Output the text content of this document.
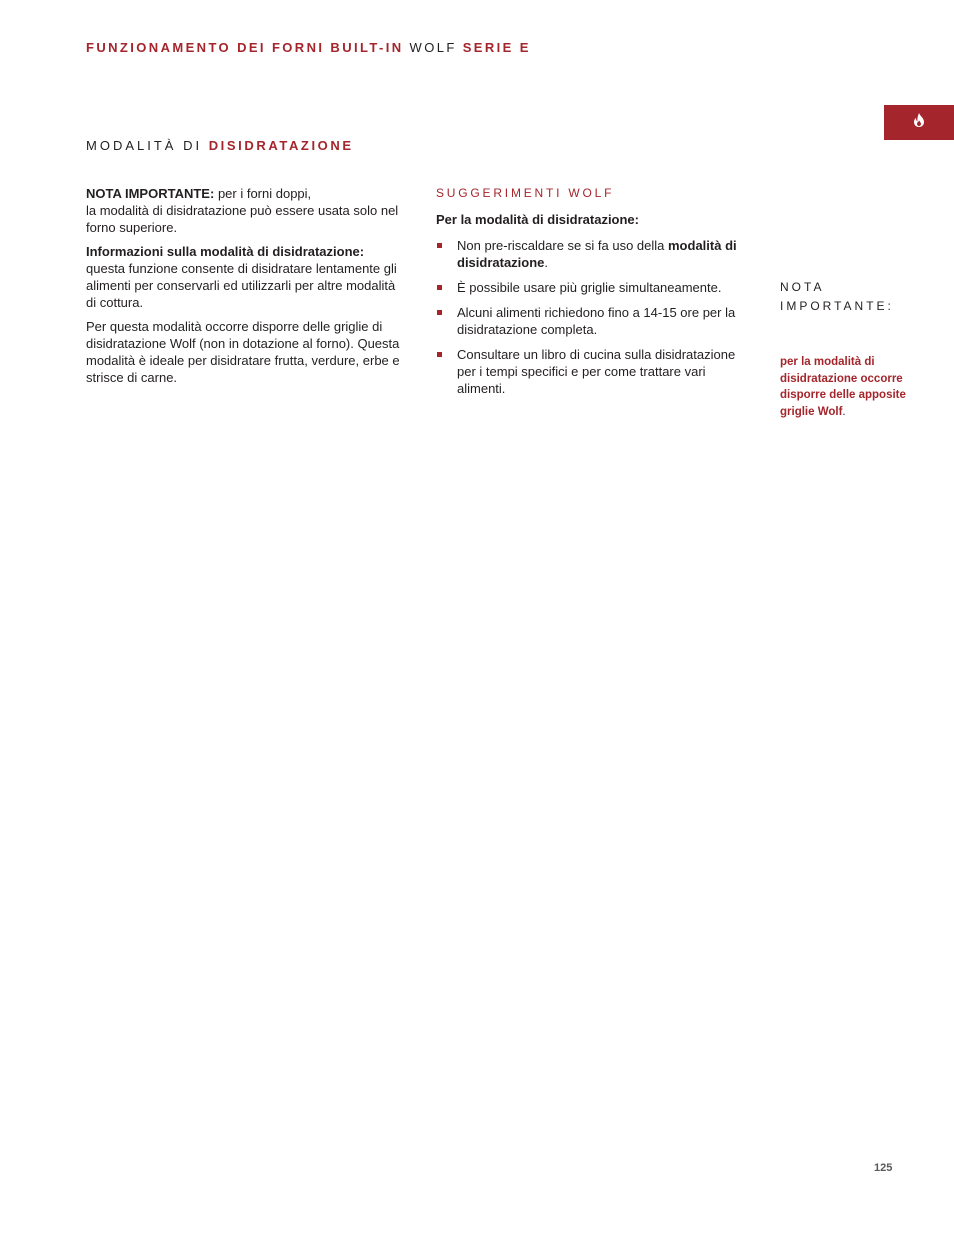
FUNZIONAMENTO DEI FORNI BUILT-IN WOLF SERIE E
MODALITÀ DI DISIDRATAZIONE

NOTA IMPORTANTE: per i forni doppi,
la modalità di disidratazione può essere usata solo nel forno superiore.

Informazioni sulla modalità di disidratazione:
questa funzione consente di disidratare lentamente gli alimenti per conservarli ed utilizzarli per altre modalità di cottura.

Per questa modalità occorre disporre delle griglie di disidratazione Wolf (non in dotazione al forno). Questa modalità è ideale per disidratare frutta, verdure, erbe e strisce di carne.

SUGGERIMENTI WOLF
Per la modalità di disidratazione:
Non pre-riscaldare se si fa uso della modalità di disidratazione.
È possibile usare più griglie simultaneamente.
Alcuni alimenti richiedono fino a 14-15 ore per la disidratazione completa.
Consultare un libro di cucina sulla disidratazione per i tempi specifici e per come trattare vari alimenti.
NOTA
IMPORTANTE:
per la modalità di disidratazione occorre disporre delle apposite griglie Wolf.
125
